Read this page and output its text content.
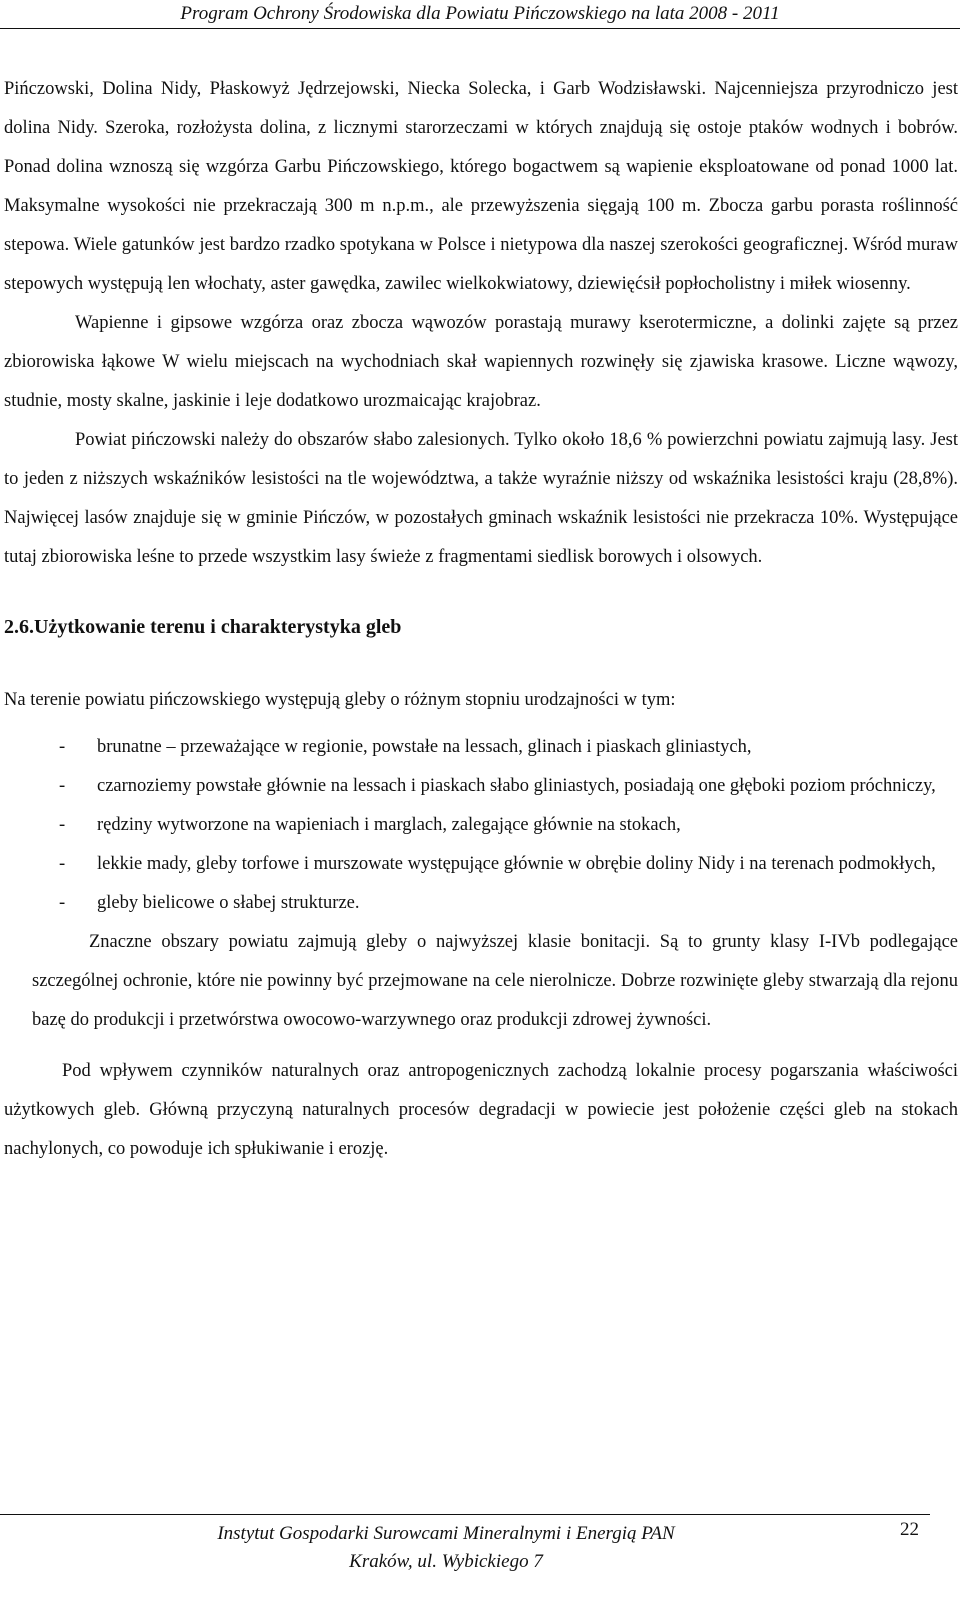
Program Ochrony Środowiska dla Powiatu Pińczowskiego na lata 2008 - 2011

Pińczowski, Dolina Nidy, Płaskowyż Jędrzejowski, Niecka Solecka, i Garb Wodzisławski. Najcenniejsza przyrodniczo jest dolina Nidy. Szeroka, rozłożysta dolina, z licznymi starorzeczami w których znajdują się ostoje ptaków wodnych i bobrów. Ponad dolina wznoszą się wzgórza Garbu Pińczowskiego, którego bogactwem są wapienie eksploatowane od ponad 1000 lat. Maksymalne wysokości nie przekraczają 300 m n.p.m., ale przewyższenia sięgają 100 m. Zbocza garbu porasta roślinność stepowa. Wiele gatunków jest bardzo rzadko spotykana w Polsce i nietypowa dla naszej szerokości geograficznej. Wśród muraw stepowych występują len włochaty, aster gawędka, zawilec wielkokwiatowy, dziewięćsił popłocholistny i miłek wiosenny.

Wapienne i gipsowe wzgórza oraz zbocza wąwozów porastają murawy kserotermiczne, a dolinki zajęte są przez zbiorowiska łąkowe W wielu miejscach na wychodniach skał wapiennych rozwinęły się zjawiska krasowe. Liczne wąwozy, studnie, mosty skalne, jaskinie i leje dodatkowo urozmaicając krajobraz.

Powiat pińczowski należy do obszarów słabo zalesionych. Tylko około 18,6 % powierzchni powiatu zajmują lasy. Jest to jeden z niższych wskaźników lesistości na tle województwa, a także wyraźnie niższy od wskaźnika lesistości kraju (28,8%). Najwięcej lasów znajduje się w gminie Pińczów, w pozostałych gminach wskaźnik lesistości nie przekracza 10%. Występujące tutaj zbiorowiska leśne to przede wszystkim lasy świeże z fragmentami siedlisk borowych i olsowych.

2.6.Użytkowanie terenu i charakterystyka gleb

Na terenie powiatu pińczowskiego występują gleby o różnym stopniu urodzajności w tym:

- brunatne – przeważające w regionie, powstałe na lessach, glinach i piaskach gliniastych,
- czarnoziemy powstałe głównie na lessach i piaskach słabo gliniastych, posiadają one głęboki poziom próchniczy,
- rędziny wytworzone na wapieniach i marglach, zalegające głównie na stokach,
- lekkie mady, gleby torfowe i murszowate występujące głównie w obrębie doliny Nidy i na terenach podmokłych,
- gleby bielicowe o słabej strukturze.

Znaczne obszary powiatu zajmują gleby o najwyższej klasie bonitacji. Są to grunty klasy I-IVb podlegające szczególnej ochronie, które nie powinny być przejmowane na cele nierolnicze. Dobrze rozwinięte gleby stwarzają dla rejonu bazę do produkcji i przetwórstwa owocowo-warzywnego oraz produkcji zdrowej żywności.

Pod wpływem czynników naturalnych oraz antropogenicznych zachodzą lokalnie procesy pogarszania właściwości użytkowych gleb. Główną przyczyną naturalnych procesów degradacji w powiecie jest położenie części gleb na stokach nachylonych, co powoduje ich spłukiwanie i erozję.

Instytut Gospodarki Surowcami Mineralnymi i Energią PAN
Kraków, ul. Wybickiego 7
22
